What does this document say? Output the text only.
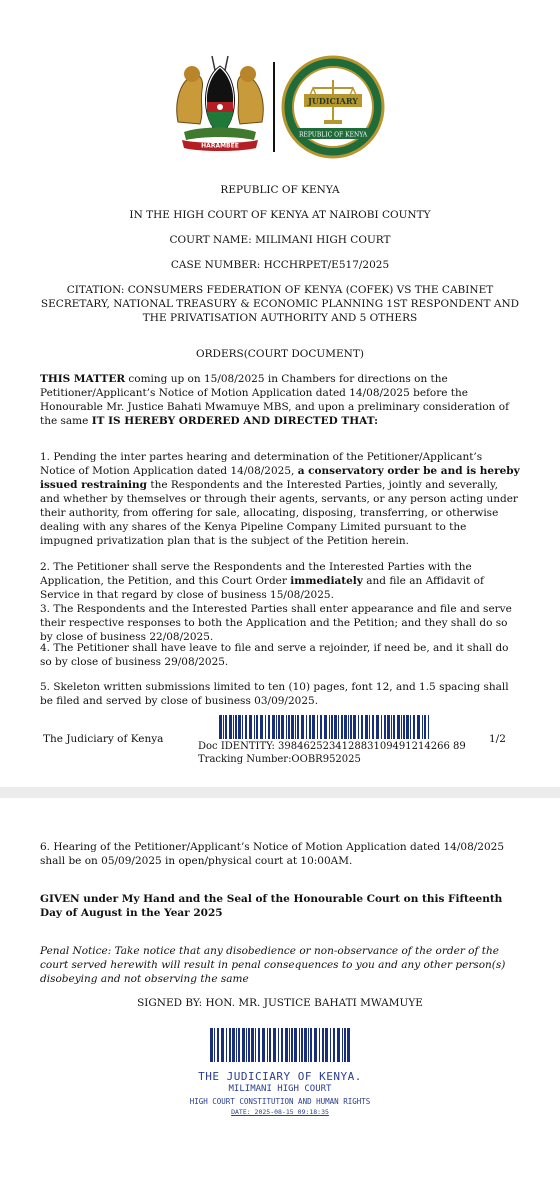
HARAMBEE
JUDICIARY
REPUBLIC OF KENYA
REPUBLIC OF KENYA
IN THE HIGH COURT OF KENYA AT NAIROBI COUNTY
COURT NAME: MILIMANI HIGH COURT
CASE NUMBER: HCCHRPET/E517/2025
CITATION: CONSUMERS FEDERATION OF KENYA (COFEK) VS THE CABINET SECRETARY, NATIONAL TREASURY & ECONOMIC PLANNING 1ST RESPONDENT AND THE PRIVATISATION AUTHORITY AND 5 OTHERS
ORDERS(COURT DOCUMENT)
THIS MATTER coming up on 15/08/2025 in Chambers for directions on the Petitioner/Applicant’s Notice of Motion Application dated 14/08/2025 before the Honourable Mr. Justice Bahati Mwamuye MBS, and upon a preliminary consideration of the same IT IS HEREBY ORDERED AND DIRECTED THAT:
1. Pending the inter partes hearing and determination of the Petitioner/Applicant’s Notice of Motion Application dated 14/08/2025, a conservatory order be and is hereby issued restraining the Respondents and the Interested Parties, jointly and severally, and whether by themselves or through their agents, servants, or any person acting under their authority, from offering for sale, allocating, disposing, transferring, or otherwise dealing with any shares of the Kenya Pipeline Company Limited pursuant to the impugned privatization plan that is the subject of the Petition herein.
2. The Petitioner shall serve the Respondents and the Interested Parties with the Application, the Petition, and this Court Order immediately and file an Affidavit of Service in that regard by close of business 15/08/2025.
3. The Respondents and the Interested Parties shall enter appearance and file and serve their respective responses to both the Application and the Petition; and they shall do so by close of business 22/08/2025.
4. The Petitioner shall have leave to file and serve a rejoinder, if need be, and it shall do so by close of business 29/08/2025.
5. Skeleton written submissions limited to ten (10) pages, font 12, and 1.5 spacing shall be filed and served by close of business 03/09/2025.
The Judiciary of Kenya
Doc IDENTITY: 398462523412883109491214266 89 Tracking Number:OOBR952025
1/2
6. Hearing of the Petitioner/Applicant’s Notice of Motion Application dated 14/08/2025 shall be on 05/09/2025 in open/physical court at 10:00AM.
GIVEN under My Hand and the Seal of the Honourable Court on this Fifteenth Day of August in the Year 2025
Penal Notice: Take notice that any disobedience or non-observance of the order of the court served herewith will result in penal consequences to you and any other person(s) disobeying and not observing the same
SIGNED BY: HON. MR. JUSTICE BAHATI MWAMUYE
THE JUDICIARY OF KENYA.
MILIMANI HIGH COURT
HIGH COURT CONSTITUTION AND HUMAN RIGHTS
DATE: 2025-08-15 09:18:35
